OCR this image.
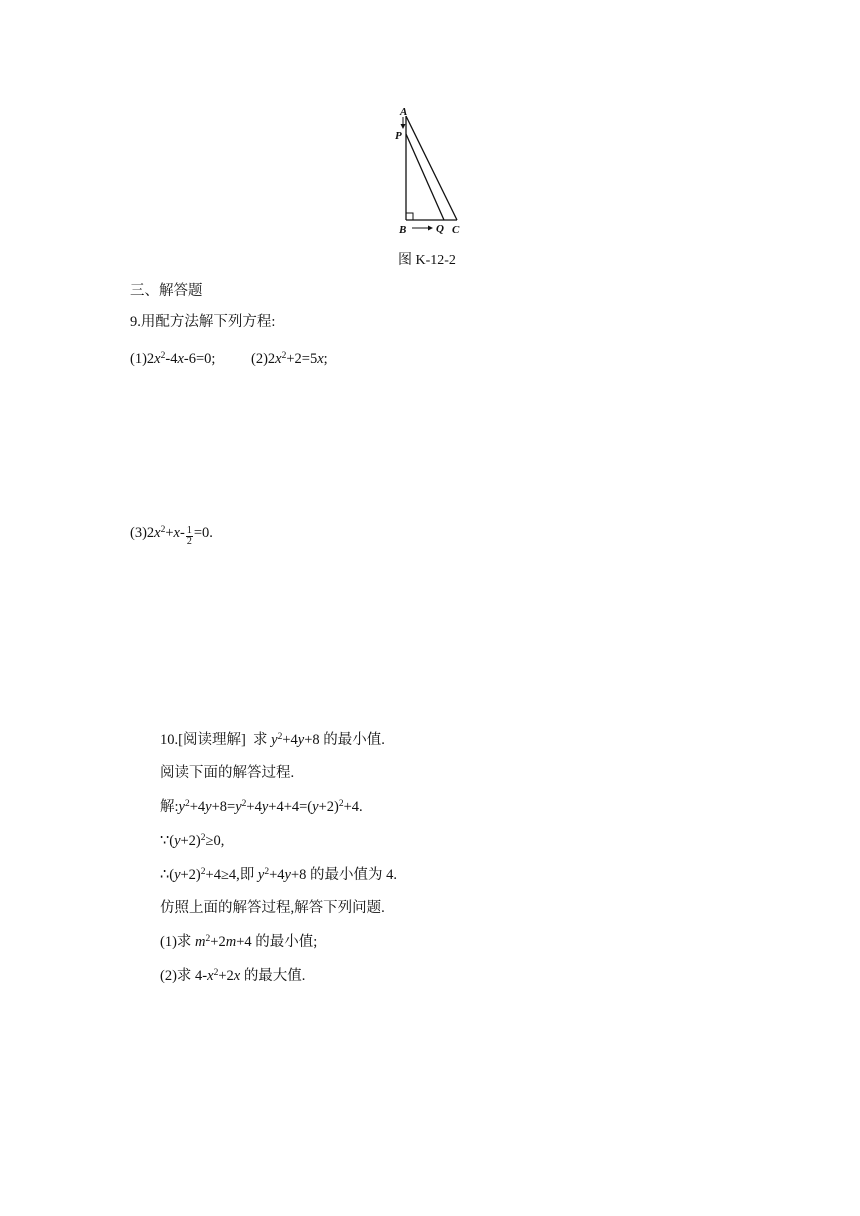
A
P
B	Q C
图 K-12-2
三、解答题
9.用配方法解下列方程:
$(1)2x^2-4x-6=0$; $(2)2x^2+2=5x$;
$(3)2x^2+x- \frac{1}{2} =0$.
10.[阅读理解]  求 $y^2+4y+8$ 的最小值.
阅读下面的解答过程.
解$:y^2+4y+8=y^2+4y+4+4=(y+2)^2+4$.
$\because(y+2)^2\ge 0$,
$\therefore(y+2)^2+4\ge 4$,即 $y^2+4y+8$ 的最小值为 4.
仿照上面的解答过程,解答下列问题.
(1)求 $m^2+2m+4$ 的最小值;
(2)求 $4-x^2+2x$ 的最大值.
